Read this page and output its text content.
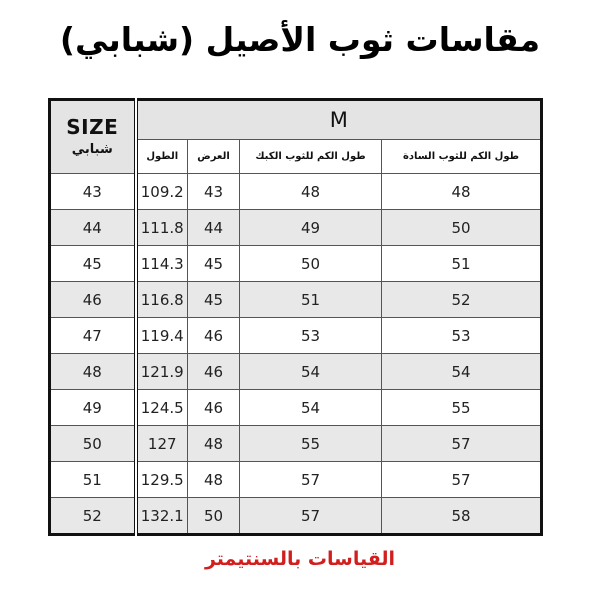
مقاسات ثوب الأصيل (شبابي)
SIZE
شبابي	M			
	الطول	العرض	طول الكم للثوب الكبك	طول الكم للثوب السادة
43	109.2	43	48	48
44	111.8	44	49	50
45	114.3	45	50	51
46	116.8	45	51	52
47	119.4	46	53	53
48	121.9	46	54	54
49	124.5	46	54	55
50	127	48	55	57
51	129.5	48	57	57
52	132.1	50	57	58
القياسات بالسنتيمتر
